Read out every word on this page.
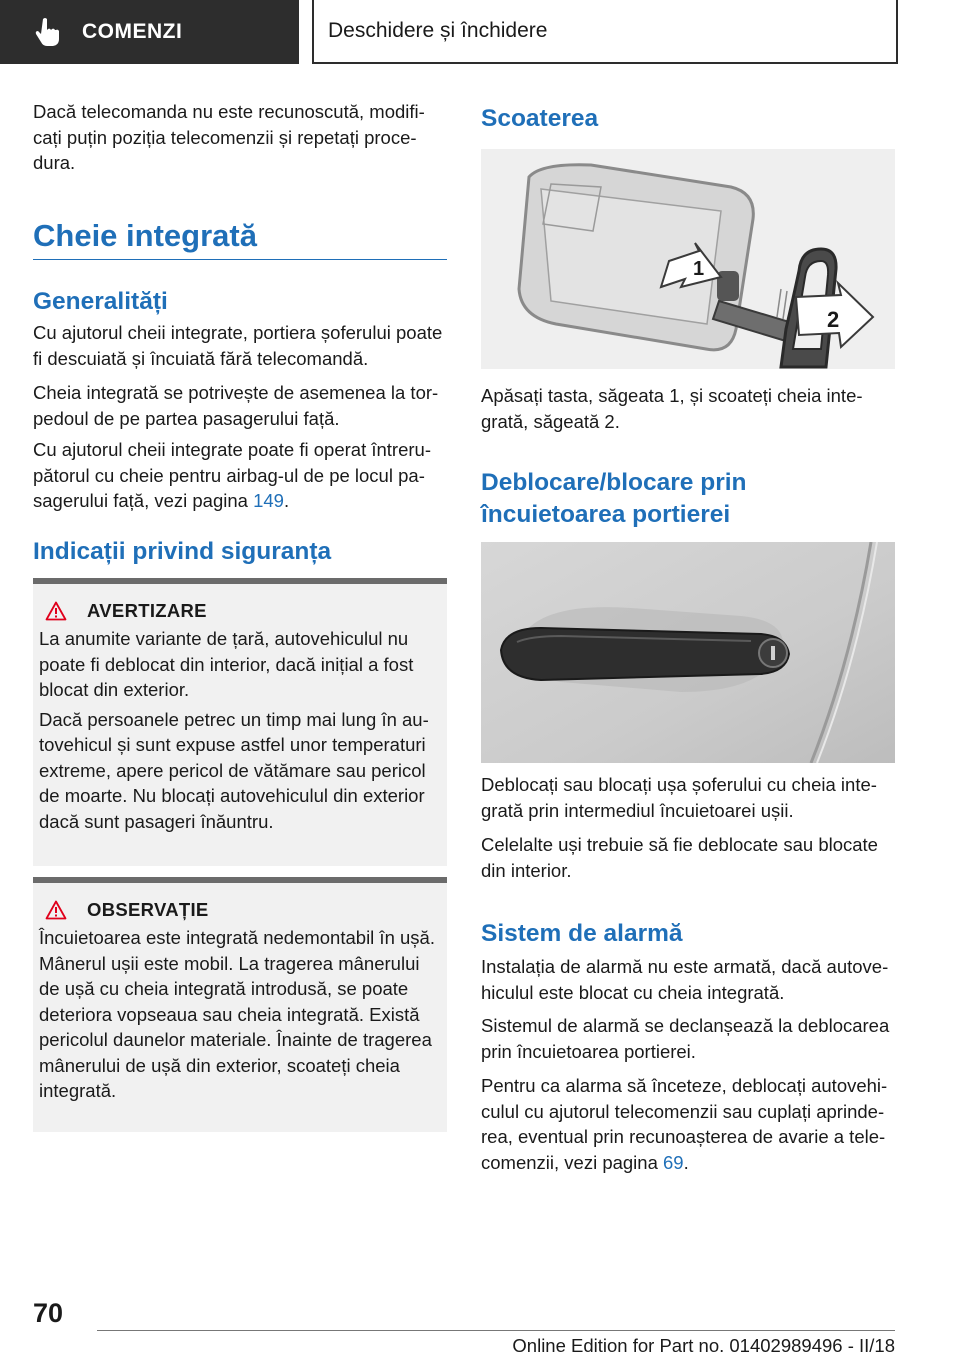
COMENZI	Deschidere și închidere

Dacă telecomanda nu este recunoscută, modificați puțin poziția telecomenzii și repetați procedura.

Cheie integrată
Generalități

Cu ajutorul cheii integrate, portiera șoferului poate fi descuiată și încuiată fără telecomandă.

Cheia integrată se potrivește de asemenea la torpedoul de pe partea pasagerului față.

Cu ajutorul cheii integrate poate fi operat întrerupătorul cu cheie pentru airbag-ul de pe locul pasagerului față, vezi pagina 149.

Indicații privind siguranța
AVERTIZARE

La anumite variante de țară, autovehiculul nu poate fi deblocat din interior, dacă inițial a fost blocat din exterior.

Dacă persoanele petrec un timp mai lung în autovehicul și sunt expuse astfel unor temperaturi extreme, apere pericol de vătămare sau pericol de moarte. Nu blocați autovehiculul din exterior dacă sunt pasageri înăuntru.

OBSERVAȚIE

Încuietoarea este integrată nedemontabil în ușă. Mânerul ușii este mobil. La tragerea mânerului de ușă cu cheia integrată introdusă, se poate deteriora vopseaua sau cheia integrată. Există pericolul daunelor materiale. Înainte de tragerea mânerului de ușă din exterior, scoateți cheia integrată.

Scoaterea
1
2

Apăsați tasta, săgeata 1, și scoateți cheia integrată, săgeată 2.

Deblocare/blocare prin încuietoarea portierei

Deblocați sau blocați ușa șoferului cu cheia integrată prin intermediul încuietoarei ușii.

Celelalte uși trebuie să fie deblocate sau blocate din interior.

Sistem de alarmă

Instalația de alarmă nu este armată, dacă autovehiculul este blocat cu cheia integrată.

Sistemul de alarmă se declanșează la deblocarea prin încuietoarea portierei.

Pentru ca alarma să înceteze, deblocați autovehiculul cu ajutorul telecomenzii sau cuplați aprinderea, eventual prin recunoașterea de avarie a telecomenzii, vezi pagina 69.

70
Online Edition for Part no. 01402989496 - II/18
